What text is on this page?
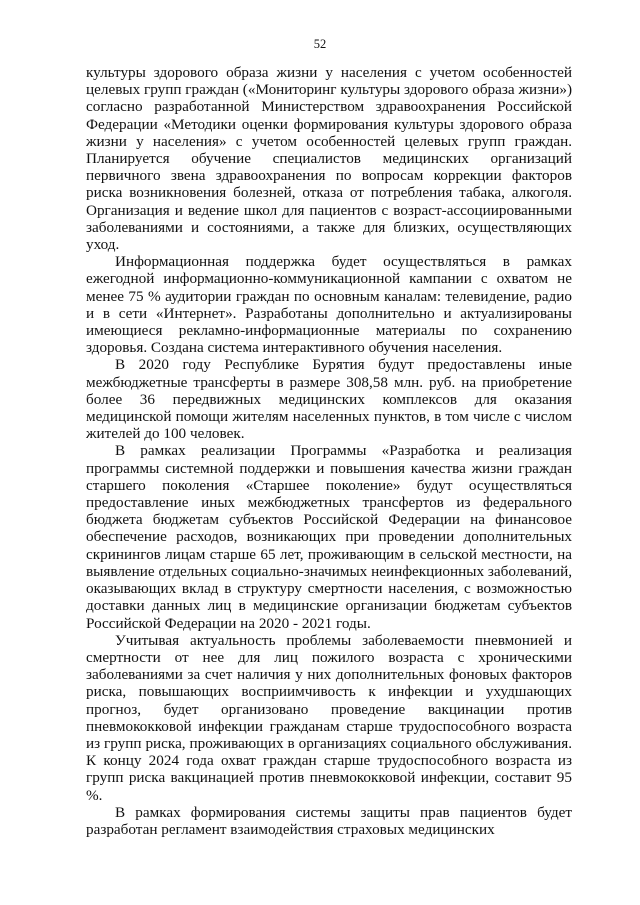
52

культуры здорового образа жизни у населения с учетом особенностей целевых групп граждан («Мониторинг культуры здорового образа жизни») согласно разработанной Министерством здравоохранения Российской Федерации «Методики оценки формирования культуры здорового образа жизни у населения» с учетом особенностей целевых групп граждан. Планируется обучение специалистов медицинских организаций первичного звена здравоохранения по вопросам коррекции факторов риска возникновения болезней, отказа от потребления табака, алкоголя. Организация и ведение школ для пациентов с возраст-ассоциированными заболеваниями и состояниями, а также для близких, осуществляющих уход.

Информационная поддержка будет осуществляться в рамках ежегодной информационно-коммуникационной кампании с охватом не менее 75 % аудитории граждан по основным каналам: телевидение, радио и в сети «Интернет». Разработаны дополнительно и актуализированы имеющиеся рекламно-информационные материалы по сохранению здоровья. Создана система интерактивного обучения населения.

В 2020 году Республике Бурятия будут предоставлены иные межбюджетные трансферты в размере 308,58 млн. руб. на приобретение более 36 передвижных медицинских комплексов для оказания медицинской помощи жителям населенных пунктов, в том числе с числом жителей до 100 человек.

В рамках реализации Программы «Разработка и реализация программы системной поддержки и повышения качества жизни граждан старшего поколения «Старшее поколение» будут осуществляться предоставление иных межбюджетных трансфертов из федерального бюджета бюджетам субъектов Российской Федерации на финансовое обеспечение расходов, возникающих при проведении дополнительных скринингов лицам старше 65 лет, проживающим в сельской местности, на выявление отдельных социально-значимых неинфекционных заболеваний, оказывающих вклад в структуру смертности населения, с возможностью доставки данных лиц в медицинские организации бюджетам субъектов Российской Федерации на 2020 - 2021 годы.

Учитывая актуальность проблемы заболеваемости пневмонией и смертности от нее для лиц пожилого возраста с хроническими заболеваниями за счет наличия у них дополнительных фоновых факторов риска, повышающих восприимчивость к инфекции и ухудшающих прогноз, будет организовано проведение вакцинации против пневмококковой инфекции гражданам старше трудоспособного возраста из групп риска, проживающих в организациях социального обслуживания. К концу 2024 года охват граждан старше трудоспособного возраста из групп риска вакцинацией против пневмококковой инфекции, составит 95 %.

В рамках формирования системы защиты прав пациентов будет разработан регламент взаимодействия страховых медицинских
